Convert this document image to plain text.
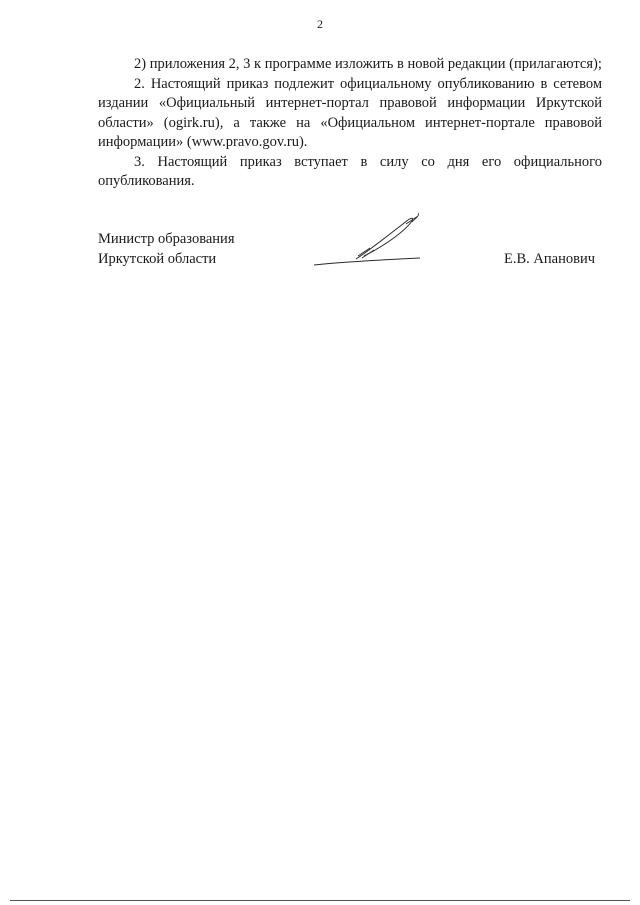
2

2) приложения 2, 3 к программе изложить в новой редакции (прилагаются);

2. Настоящий приказ подлежит официальному опубликованию в сетевом издании «Официальный интернет-портал правовой информации Иркутской области» (ogirk.ru), а также на «Официальном интернет-портале правовой информации» (www.pravo.gov.ru).

3. Настоящий приказ вступает в силу со дня его официального опубликования.

Министр образования
Иркутской области	Е.В. Апанович
